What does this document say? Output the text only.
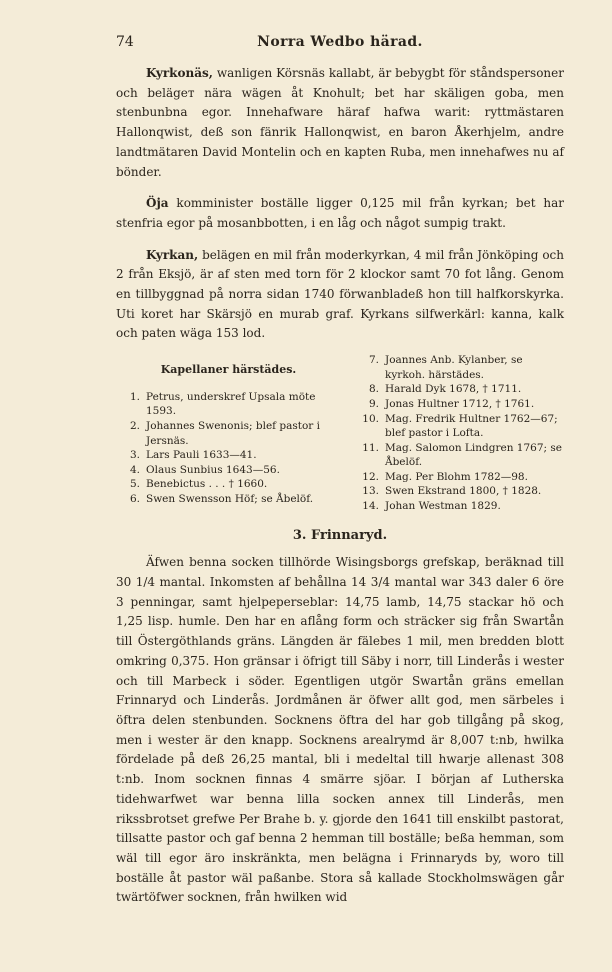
74	Norra Wedbo härad.

Kyrkonäs, wanligen Körsnäs kallabt, är bebygbt för ståndspersoner och belägет nära wägen åt Knohult; bet har skäligen goba, men stenbunbna egor. Innehafware häraf hafwa warit: ryttmästaren Hallonqwist, deß son fänrik Hallonqwist, en baron Åkerhjelm, andre landtmätaren David Montelin och en kapten Ruba, men innehafwes nu af bönder.

Öja komminister boställe ligger 0,125 mil från kyrkan; bet har stenfria egor på mosanbbotten, i en låg och något sumpig trakt.

Kyrkan, belägen en mil från moderkyrkan, 4 mil från Jönköping och 2 från Eksjö, är af sten med torn för 2 klockor samt 70 fot lång. Genom en tillbyggnad på norra sidan 1740 förwanbladeß hon till halfkorskyrka. Uti koret har Skärsjö en murab graf. Kyrkans silfwerkärl: kanna, kalk och paten wäga 153 lod.

Kapellaner härstädes.
1. Petrus, underskref Upsala möte 1593.
2. Johannes Swenonis; blef pastor i Jersnäs.
3. Lars Pauli 1633—41.
4. Olaus Sunbius 1643—56.
5. Benebictus . . . † 1660.
6. Swen Swensson Höf; se Åbelöf.
7. Joannes Anb. Kylanber, se kyrkoh. härstädes.
8. Harald Dyk 1678, † 1711.
9. Jonas Hultner 1712, † 1761.
10. Mag. Fredrik Hultner 1762—67; blef pastor i Lofta.
11. Mag. Salomon Lindgren 1767; se Åbelöf.
12. Mag. Per Blohm 1782—98.
13. Swen Ekstrand 1800, † 1828.
14. Johan Westman 1829.
3. Frinnaryd.

Äfwen benna socken tillhörde Wisingsborgs grefskap, beräknad till 30 1/4 mantal. Inkomsten af behållna 14 3/4 mantal war 343 daler 6 öre 3 penningar, samt hjelpeperseblar: 14,75 lamb, 14,75 stackar hö och 1,25 lisp. humle. Den har en aflång form och sträcker sig från Swartån till Östergöthlands gräns. Längden är fälebes 1 mil, men bredden blott omkring 0,375. Hon gränsar i öfrigt till Säby i norr, till Linderås i wester och till Marbeck i söder. Egentligen utgör Swartån gräns emellan Frinnaryd och Linderås. Jordmånen är öfwer allt god, men särbeles i öftra delen stenbunden. Socknens öftra del har gob tillgång på skog, men i wester är den knapp. Socknens arealrymd är 8,007 t:nb, hwilka fördelade på deß 26,25 mantal, bli i medeltal till hwarje allenast 308 t:nb. Inom socknen finnas 4 smärre sjöar. I början af Lutherska tidehwarfwet war benna lilla socken annex till Linderås, men rikssbrotset grefwe Per Brahe b. y. gjorde den 1641 till enskilbt pastorat, tillsatte pastor och gaf benna 2 hemman till boställe; beßa hemman, som wäl till egor äro inskränkta, men belägna i Frinnaryds by, woro till boställe åt pastor wäl paßanbe. Stora så kallade Stockholmswägen går twärtöfwer socknen, från hwilken wid
